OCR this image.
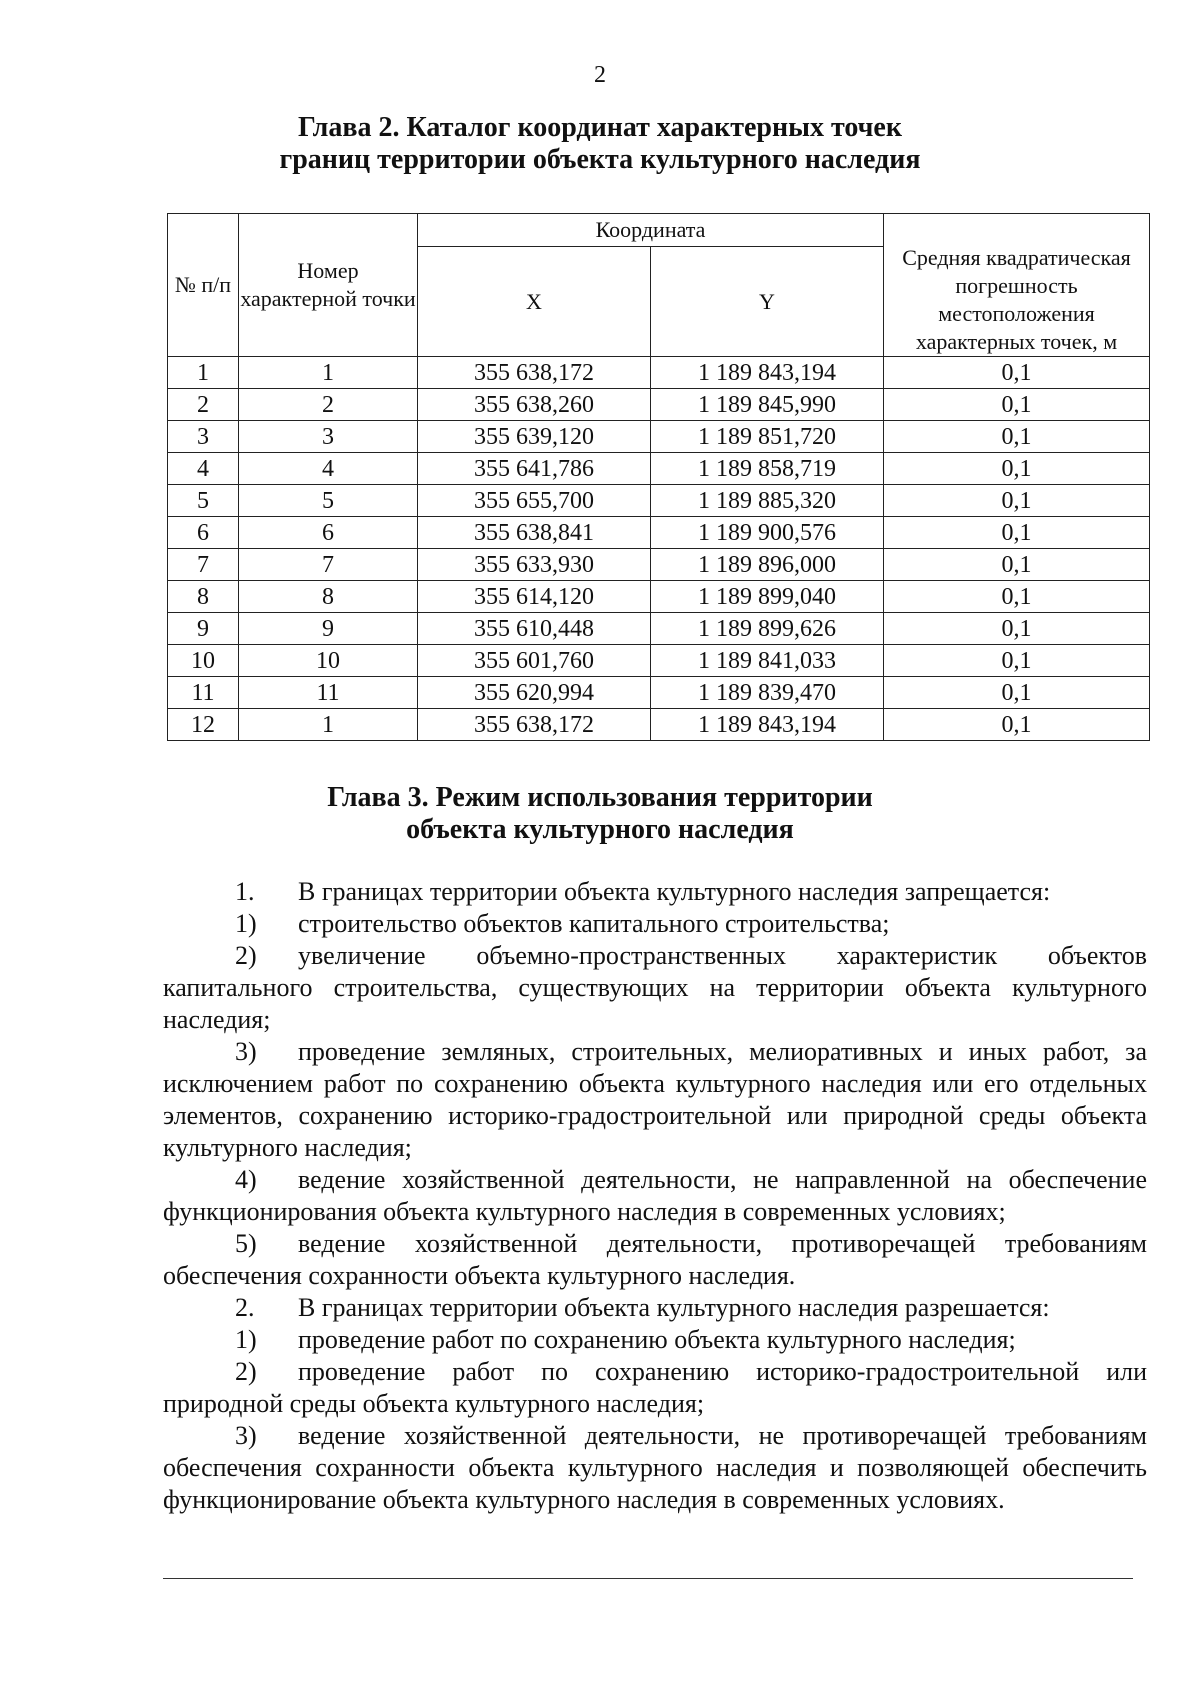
2
Глава 2. Каталог координат характерных точек
границ территории объекта культурного наследия
№ п/п	Номер характерной точки	Координата		Средняя квадратическая погрешность местоположения характерных точек, м
		X	Y	
1	1	355 638,172	1 189 843,194	0,1
2	2	355 638,260	1 189 845,990	0,1
3	3	355 639,120	1 189 851,720	0,1
4	4	355 641,786	1 189 858,719	0,1
5	5	355 655,700	1 189 885,320	0,1
6	6	355 638,841	1 189 900,576	0,1
7	7	355 633,930	1 189 896,000	0,1
8	8	355 614,120	1 189 899,040	0,1
9	9	355 610,448	1 189 899,626	0,1
10	10	355 601,760	1 189 841,033	0,1
11	11	355 620,994	1 189 839,470	0,1
12	1	355 638,172	1 189 843,194	0,1
Глава 3. Режим использования территории
объекта культурного наследия

1. В границах территории объекта культурного наследия запрещается:

1) строительство объектов капитального строительства;

2) увеличение объемно-пространственных характеристик объектов капитального строительства, существующих на территории объекта культурного наследия;

3) проведение земляных, строительных, мелиоративных и иных работ, за исключением работ по сохранению объекта культурного наследия или его отдельных элементов, сохранению историко-градостроительной или природной среды объекта культурного наследия;

4) ведение хозяйственной деятельности, не направленной на обеспечение функционирования объекта культурного наследия в современных условиях;

5) ведение хозяйственной деятельности, противоречащей требованиям обеспечения сохранности объекта культурного наследия.

2. В границах территории объекта культурного наследия разрешается:

1) проведение работ по сохранению объекта культурного наследия;

2) проведение работ по сохранению историко-градостроительной или природной среды объекта культурного наследия;

3) ведение хозяйственной деятельности, не противоречащей требованиям обеспечения сохранности объекта культурного наследия и позволяющей обеспечить функционирование объекта культурного наследия в современных условиях.
